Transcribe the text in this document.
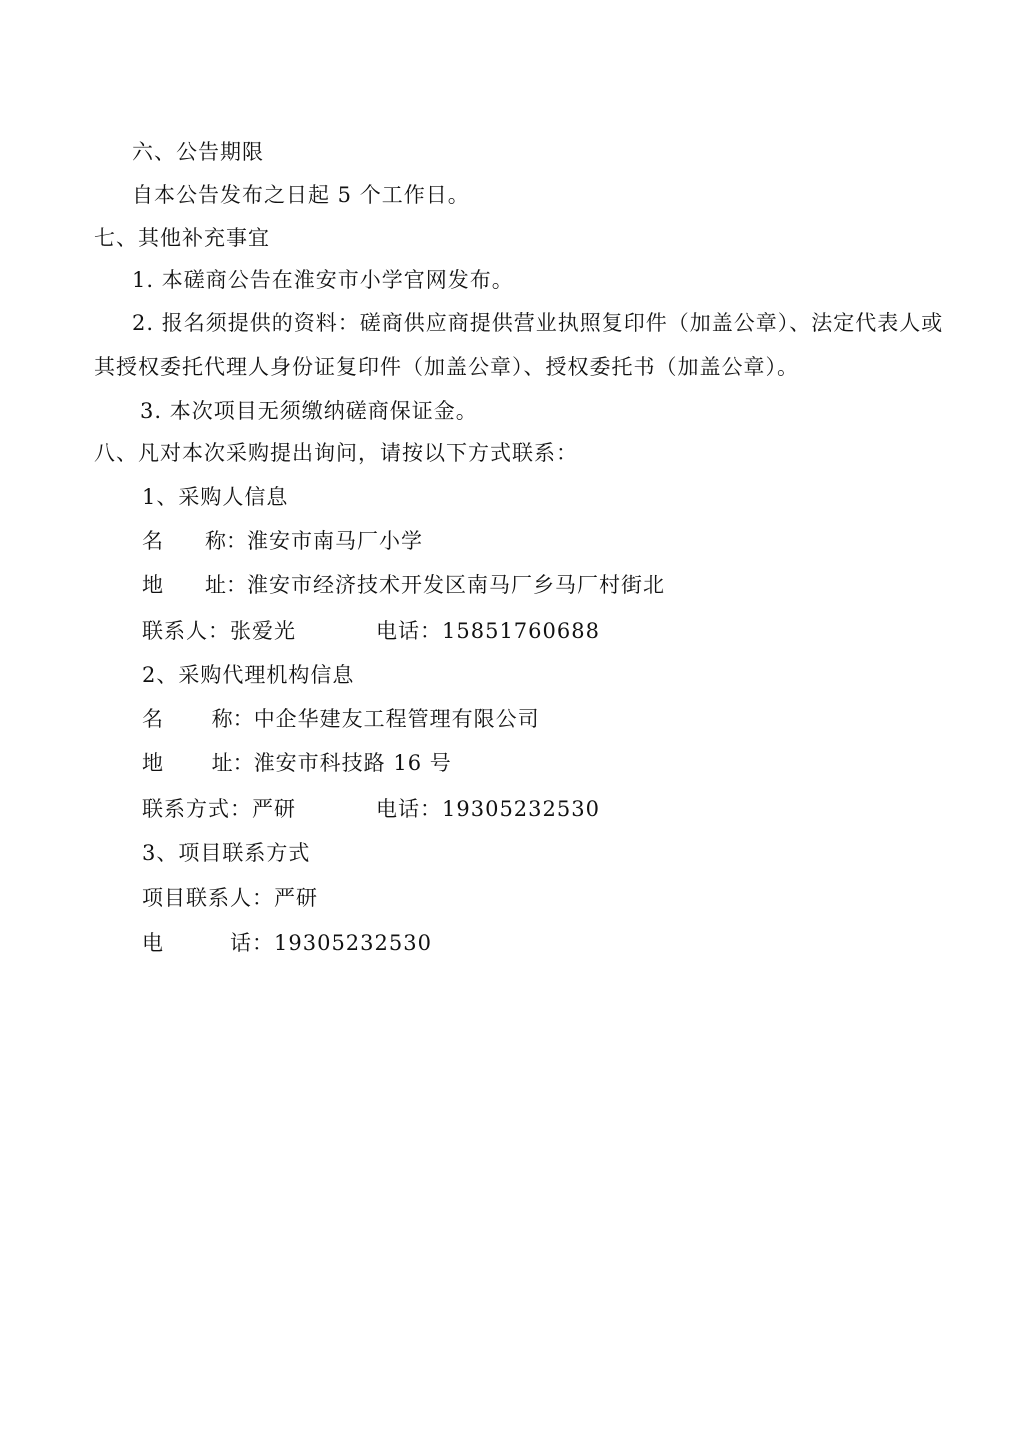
六、公告期限
自本公告发布之日起 5 个工作日。
七、其他补充事宜
1. 本磋商公告在淮安市小学官网发布。
2. 报名须提供的资料：磋商供应商提供营业执照复印件（加盖公章）、法定代表人或其授权委托代理人身份证复印件（加盖公章）、授权委托书（加盖公章）。
3. 本次项目无须缴纳磋商保证金。
八、凡对本次采购提出询问，请按以下方式联系：
1、采购人信息
名　　称：淮安市南马厂小学
地　　址：淮安市经济技术开发区南马厂乡马厂村街北
联系人：张爱光	电话：15851760688
2、采购代理机构信息
名　　 称：中企华建友工程管理有限公司
地　　 址：淮安市科技路 16 号
联系方式：严研	电话：19305232530
3、项目联系方式
项目联系人：严研
电　　　话：19305232530
